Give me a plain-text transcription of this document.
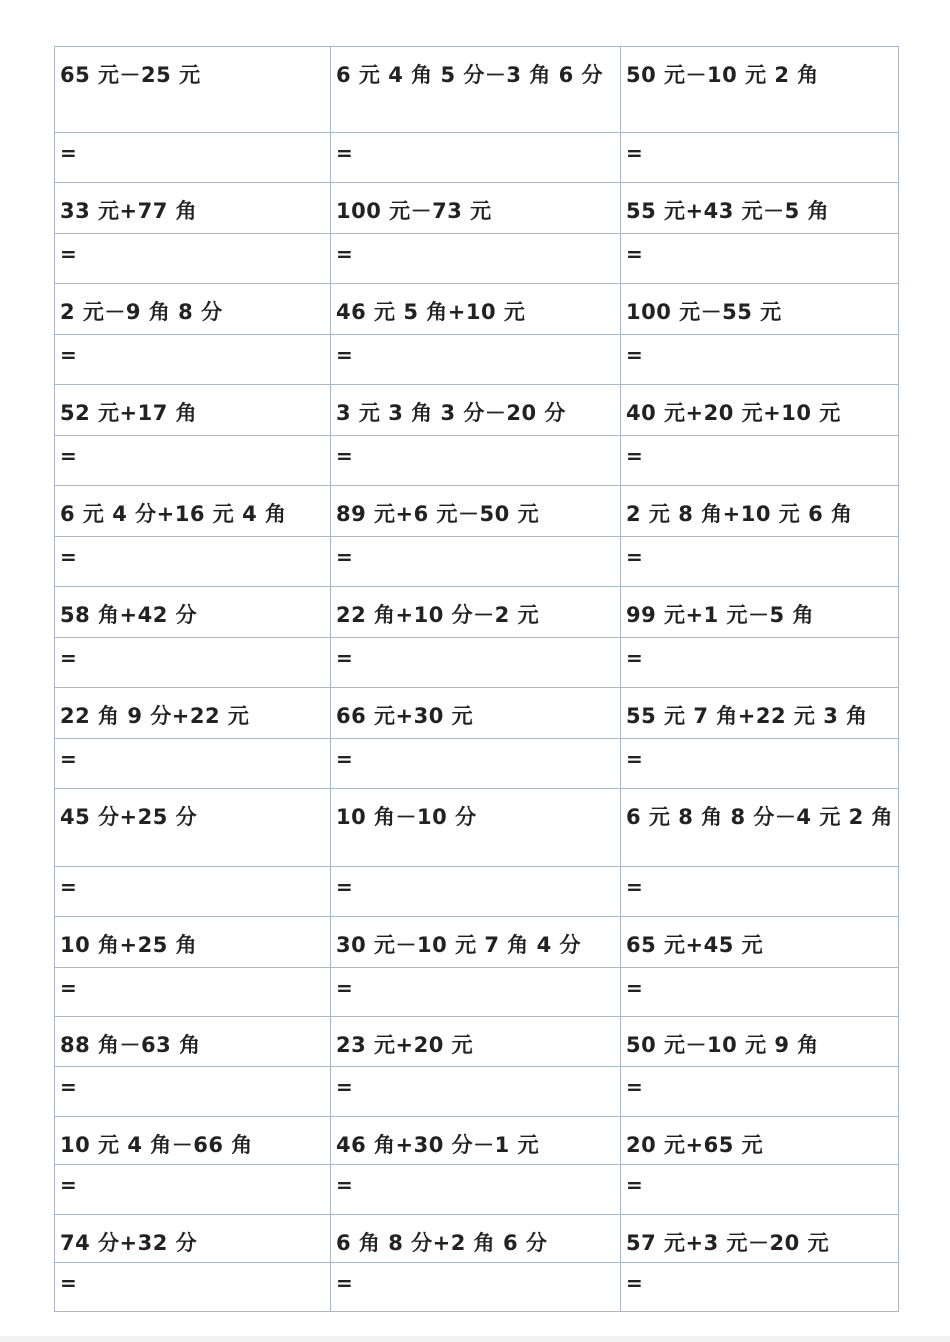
65 元－25 元	6 元 4 角 5 分－3 角 6 分	50 元－10 元 2 角
=	=	=
33 元+77 角	100 元－73 元	55 元+43 元－5 角
=	=	=
2 元－9 角 8 分	46 元 5 角+10 元	100 元－55 元
=	=	=
52 元+17 角	3 元 3 角 3 分－20 分	40 元+20 元+10 元
=	=	=
6 元 4 分+16 元 4 角	89 元+6 元－50 元	2 元 8 角+10 元 6 角
=	=	=
58 角+42 分	22 角+10 分－2 元	99 元+1 元－5 角
=	=	=
22 角 9 分+22 元	66 元+30 元	55 元 7 角+22 元 3 角
=	=	=
45 分+25 分	10 角－10 分	6 元 8 角 8 分－4 元 2 角
=	=	=
10 角+25 角	30 元－10 元 7 角 4 分	65 元+45 元
=	=	=
88 角－63 角	23 元+20 元	50 元－10 元 9 角
=	=	=
10 元 4 角－66 角	46 角+30 分－1 元	20 元+65 元
=	=	=
74 分+32 分	6 角 8 分+2 角 6 分	57 元+3 元－20 元
=	=	=
